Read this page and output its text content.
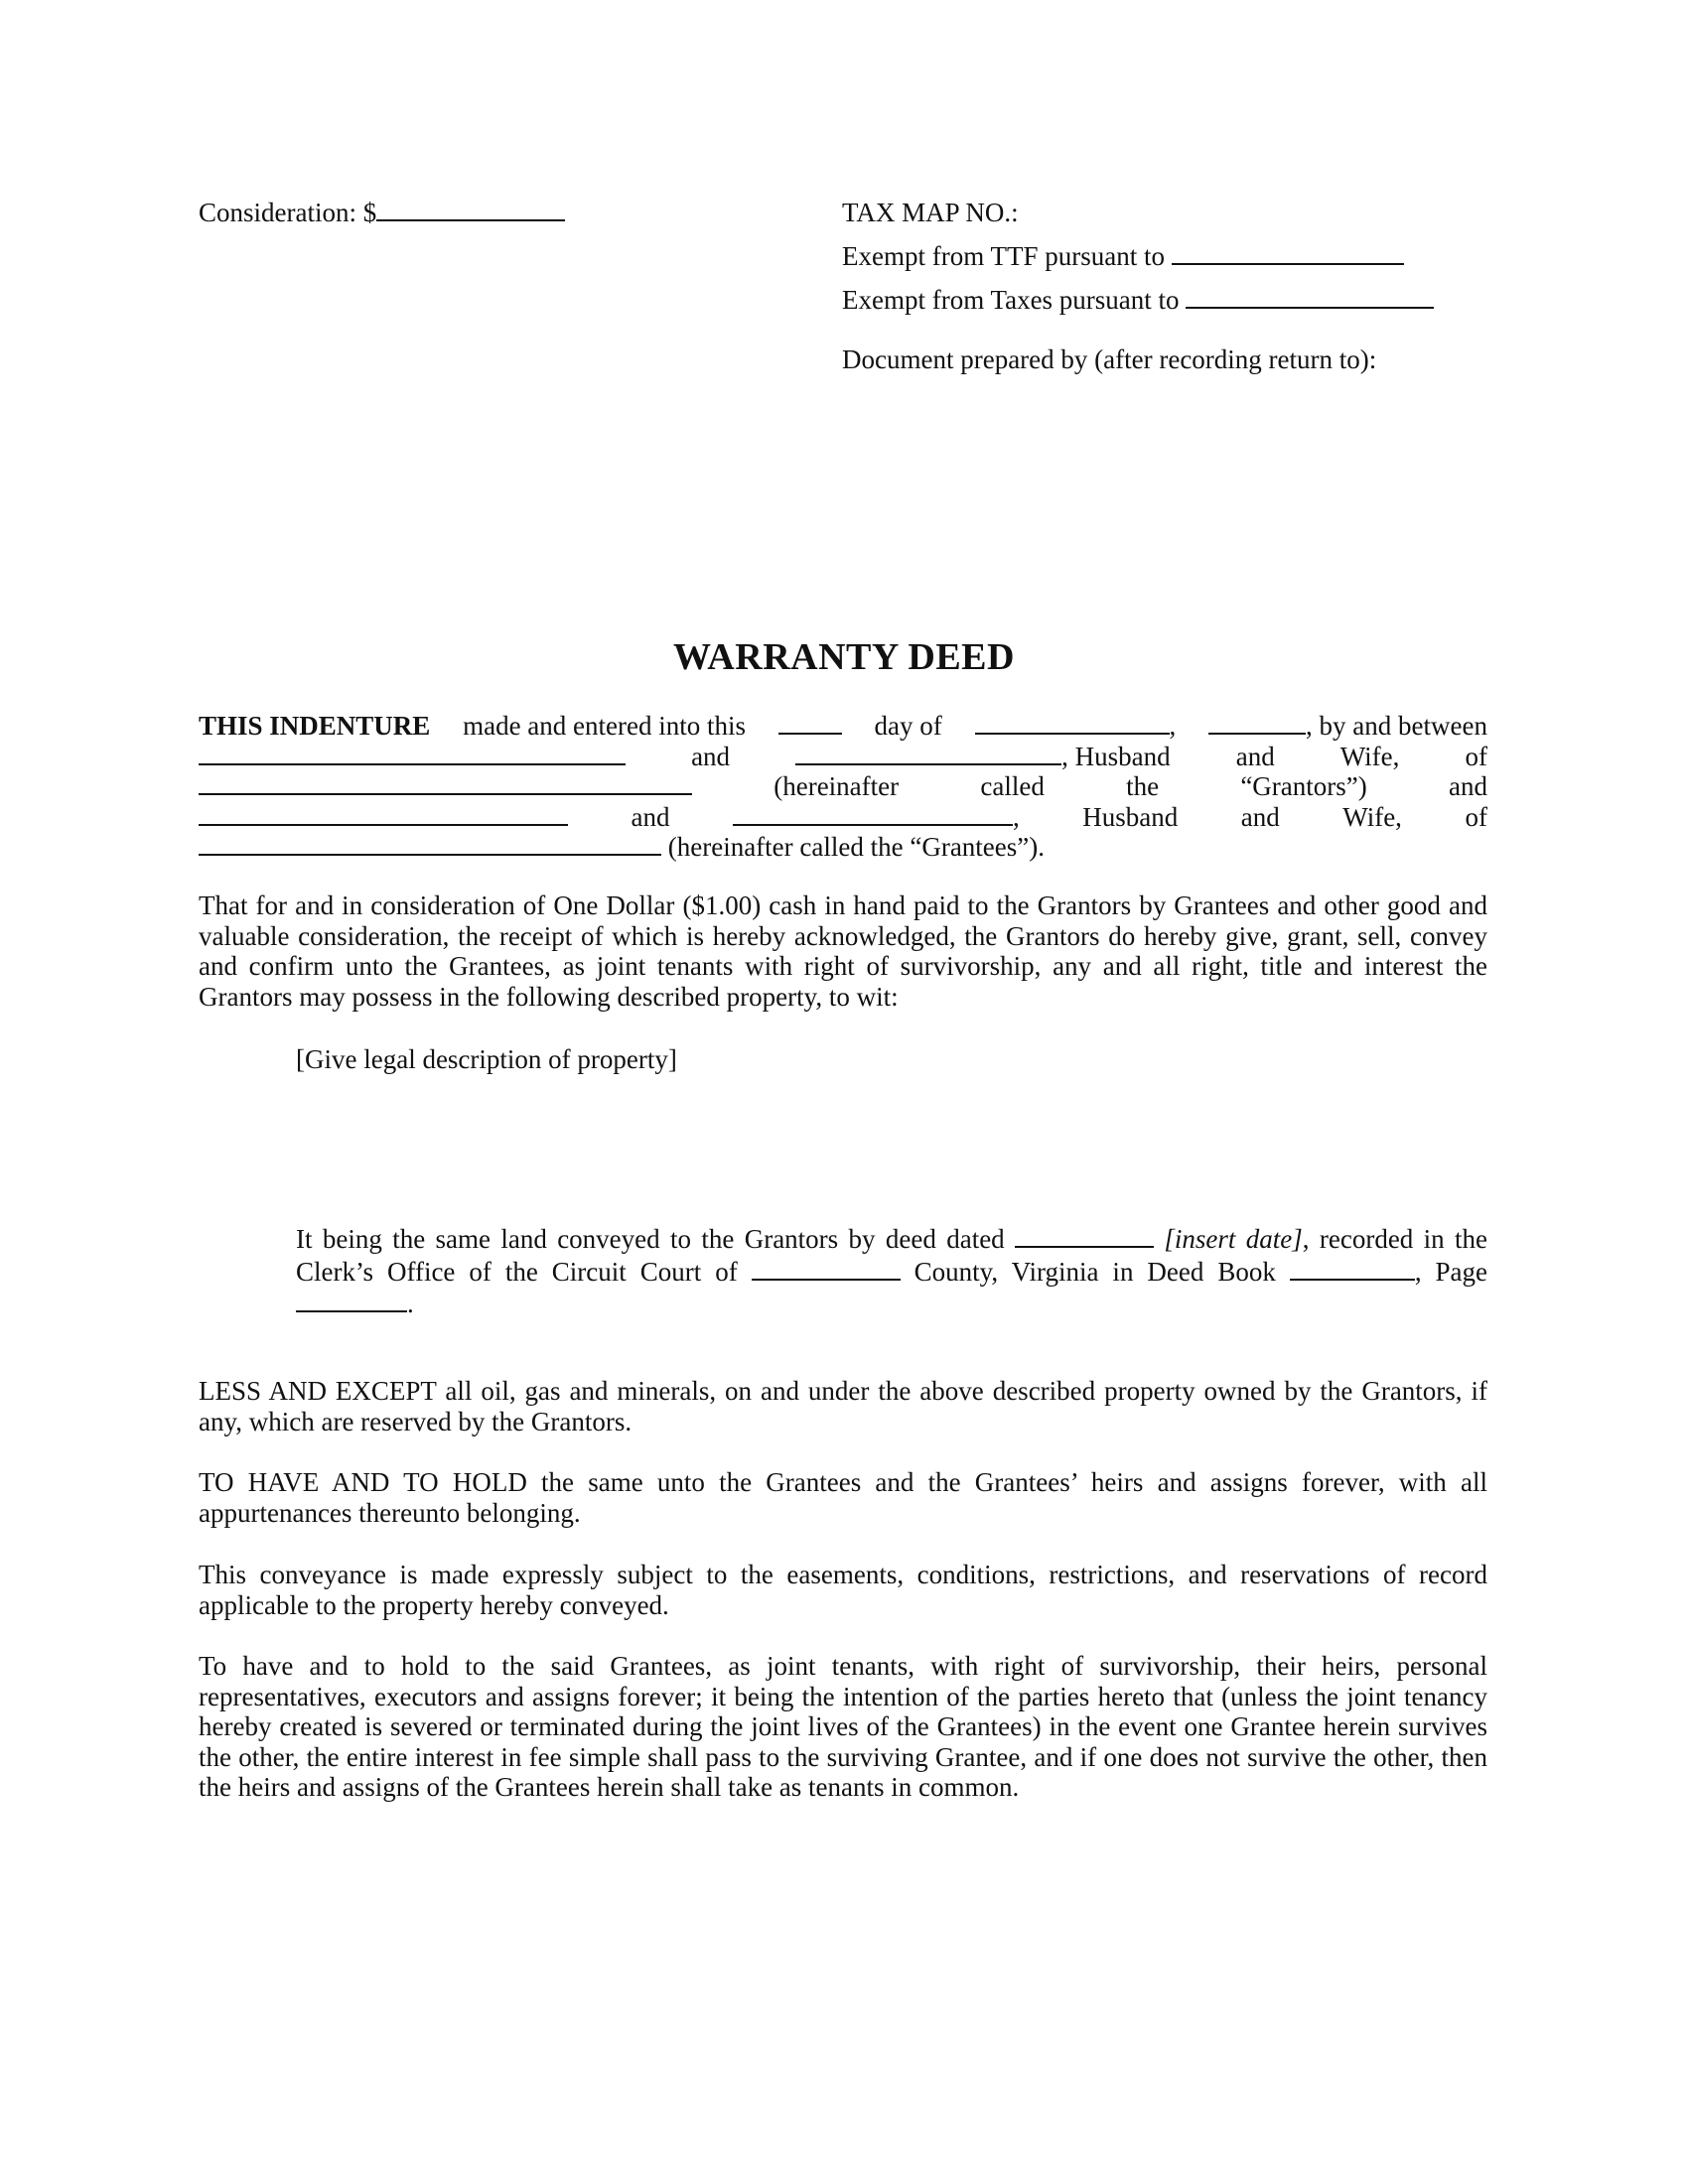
Consideration: $	TAX MAP NO.:
Exempt from TTF pursuant to
Exempt from Taxes pursuant to
Document prepared by (after recording return to):
WARRANTY DEED
THIS INDENTURE made and entered into this	day of	,	, by and between
and	, Husband and Wife, of
(hereinafter	called	the	“Grantors”)	and
and	, Husband and Wife, of
(hereinafter called the “Grantees”).
That for and in consideration of One Dollar ($1.00) cash in hand paid to the Grantors by Grantees and other good and valuable consideration, the receipt of which is hereby acknowledged, the Grantors do hereby give, grant, sell, convey and confirm unto the Grantees, as joint tenants with right of survivorship, any and all right, title and interest the Grantors may possess in the following described property, to wit:
[Give legal description of property]
It being the same land conveyed to the Grantors by deed dated	[insert date], recorded in the Clerk’s Office of the Circuit Court of	County, Virginia in Deed Book	, Page .
LESS AND EXCEPT all oil, gas and minerals, on and under the above described property owned by the Grantors, if any, which are reserved by the Grantors.
TO HAVE AND TO HOLD the same unto the Grantees and the Grantees’ heirs and assigns forever, with all appurtenances thereunto belonging.
This conveyance is made expressly subject to the easements, conditions, restrictions, and reservations of record applicable to the property hereby conveyed.
To have and to hold to the said Grantees, as joint tenants, with right of survivorship, their heirs, personal representatives, executors and assigns forever; it being the intention of the parties hereto that (unless the joint tenancy hereby created is severed or terminated during the joint lives of the Grantees) in the event one Grantee herein survives the other, the entire interest in fee simple shall pass to the surviving Grantee, and if one does not survive the other, then the heirs and assigns of the Grantees herein shall take as tenants in common.
